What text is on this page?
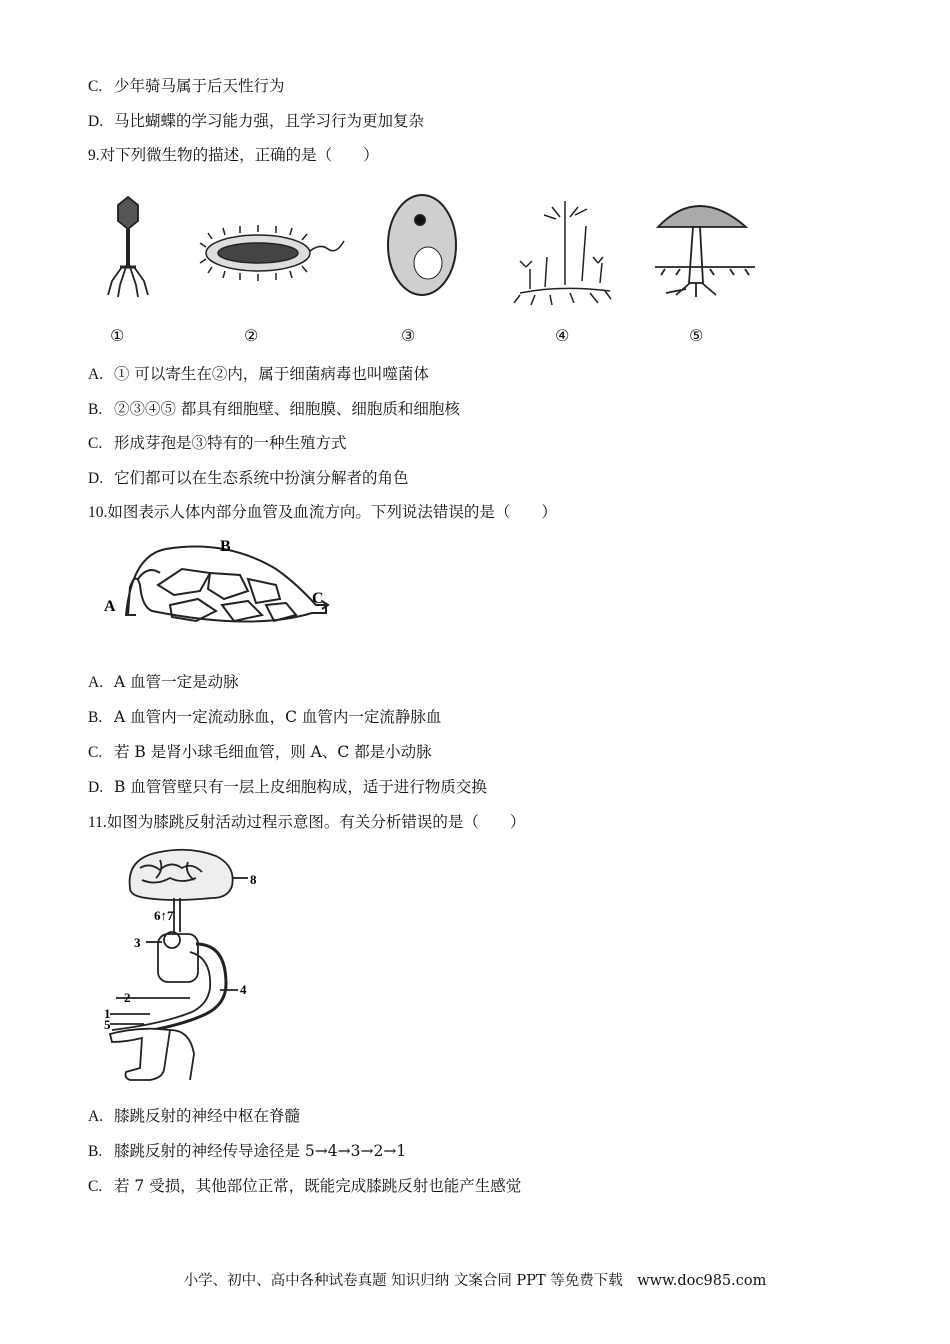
C. 少年骑马属于后天性行为
D. 马比蝴蝶的学习能力强，且学习行为更加复杂
9.对下列微生物的描述，正确的是（　　）
①	②	③	④	⑤
A. ① 可以寄生在②内，属于细菌病毒也叫噬菌体
B. ②③④⑤ 都具有细胞壁、细胞膜、细胞质和细胞核
C. 形成芽孢是③特有的一种生殖方式
D. 它们都可以在生态系统中扮演分解者的角色
10.如图表示人体内部分血管及血流方向。下列说法错误的是（　　）
A
B
C
A. A 血管一定是动脉
B. A 血管内一定流动脉血，C 血管内一定流静脉血
C. 若 B 是肾小球毛细血管，则 A、C 都是小动脉
D. B 血管管壁只有一层上皮细胞构成，适于进行物质交换
11.如图为膝跳反射活动过程示意图。有关分析错误的是（　　）
8
6↑7
3
4
2
1
5
A. 膝跳反射的神经中枢在脊髓
B. 膝跳反射的神经传导途径是 5→4→3→2→1
C. 若 7 受损，其他部位正常，既能完成膝跳反射也能产生感觉
小学、初中、高中各种试卷真题 知识归纳 文案合同 PPT 等免费下载　www.doc985.com
